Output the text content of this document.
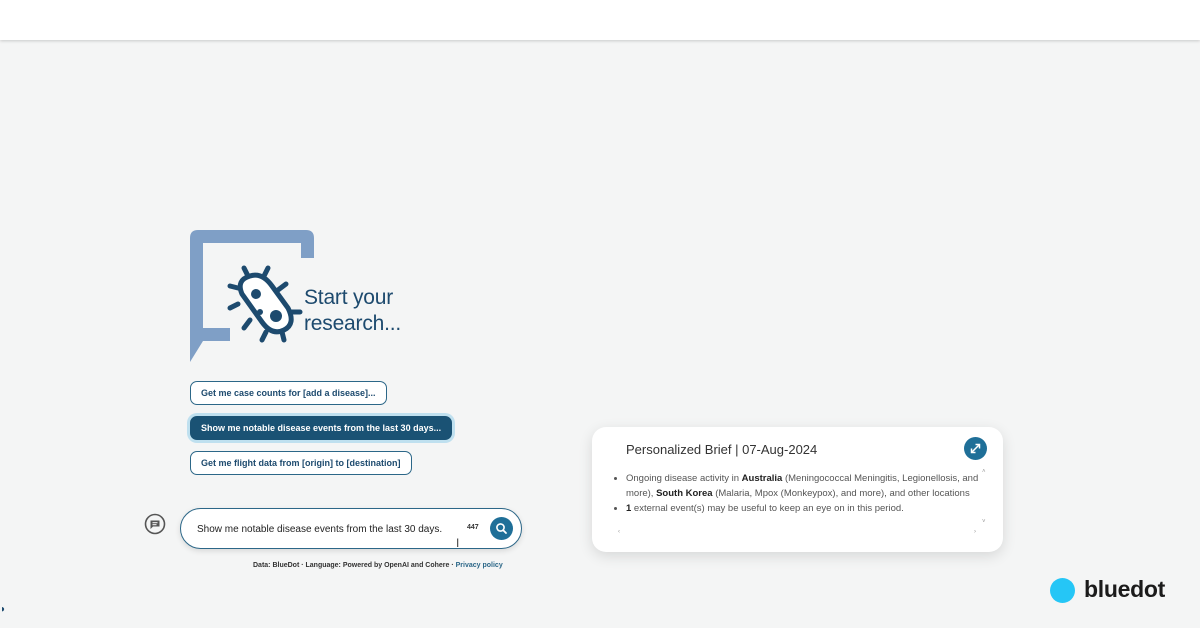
Start your
research...
Get me case counts for [add a disease]...
Show me notable disease events from the last 30 days...
Get me flight data from [origin] to [destination]
Show me notable disease events from the last 30 days.
447
I
Data: BlueDot · Language: Powered by OpenAI and Cohere · Privacy policy
Personalized Brief | 07-Aug-2024
• Ongoing disease activity in Australia (Meningococcal Meningitis, Legionellosis, and more), South Korea (Malaria, Mpox (Monkeypox), and more), and other locations
• 1 external event(s) may be useful to keep an eye on in this period.
˄
˅
‹	›
bluedot
◗
